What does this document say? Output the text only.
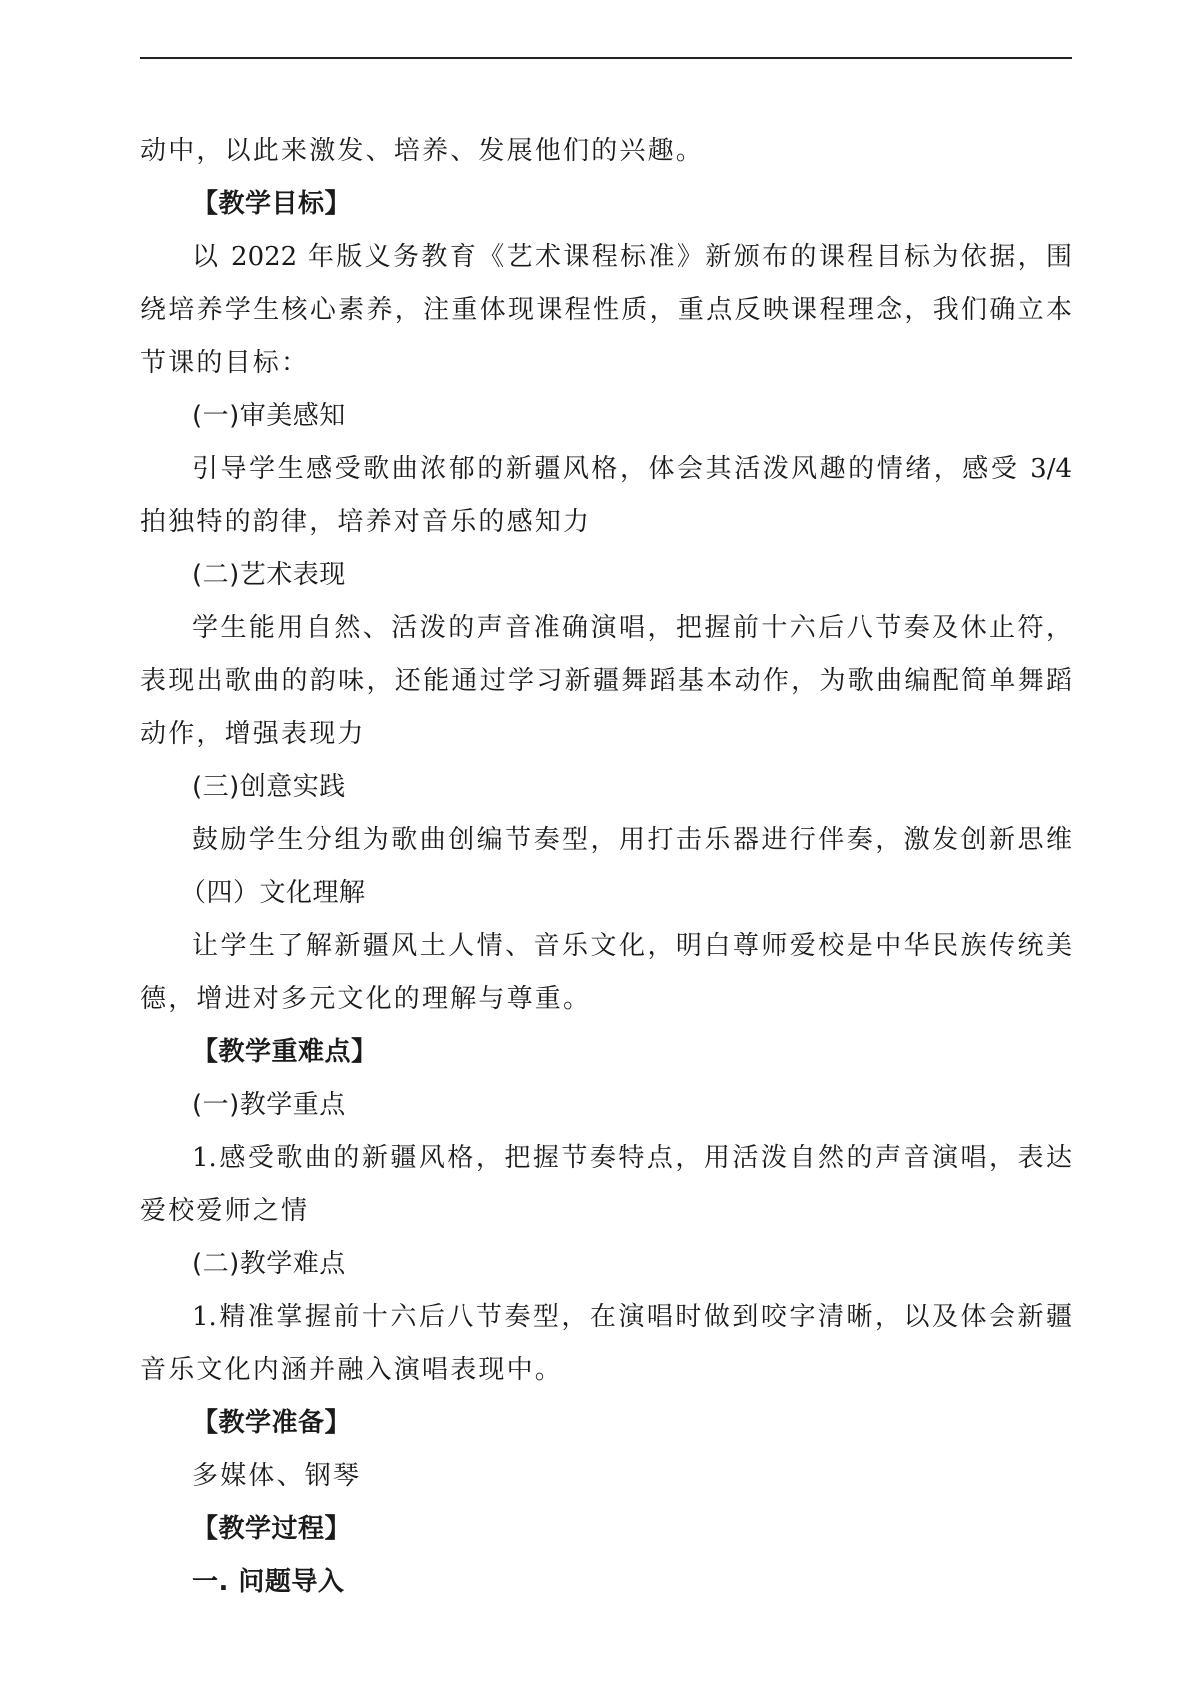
动中，以此来激发、培养、发展他们的兴趣。
【教学目标】
以 2022 年版义务教育《艺术课程标准》新颁布的课程目标为依据，围
绕培养学生核心素养，注重体现课程性质，重点反映课程理念，我们确立本
节课的目标：
(一)审美感知
引导学生感受歌曲浓郁的新疆风格，体会其活泼风趣的情绪，感受 3/4
拍独特的韵律，培养对音乐的感知力
(二)艺术表现
学生能用自然、活泼的声音准确演唱，把握前十六后八节奏及休止符，
表现出歌曲的韵味，还能通过学习新疆舞蹈基本动作，为歌曲编配简单舞蹈
动作，增强表现力
(三)创意实践
鼓励学生分组为歌曲创编节奏型，用打击乐器进行伴奏，激发创新思维
（四）文化理解
让学生了解新疆风土人情、音乐文化，明白尊师爱校是中华民族传统美
德，增进对多元文化的理解与尊重。
【教学重难点】
(一)教学重点
1.感受歌曲的新疆风格，把握节奏特点，用活泼自然的声音演唱，表达
爱校爱师之情
(二)教学难点
1.精准掌握前十六后八节奏型，在演唱时做到咬字清晰，以及体会新疆
音乐文化内涵并融入演唱表现中。
【教学准备】
多媒体、钢琴
【教学过程】
一. 问题导入
